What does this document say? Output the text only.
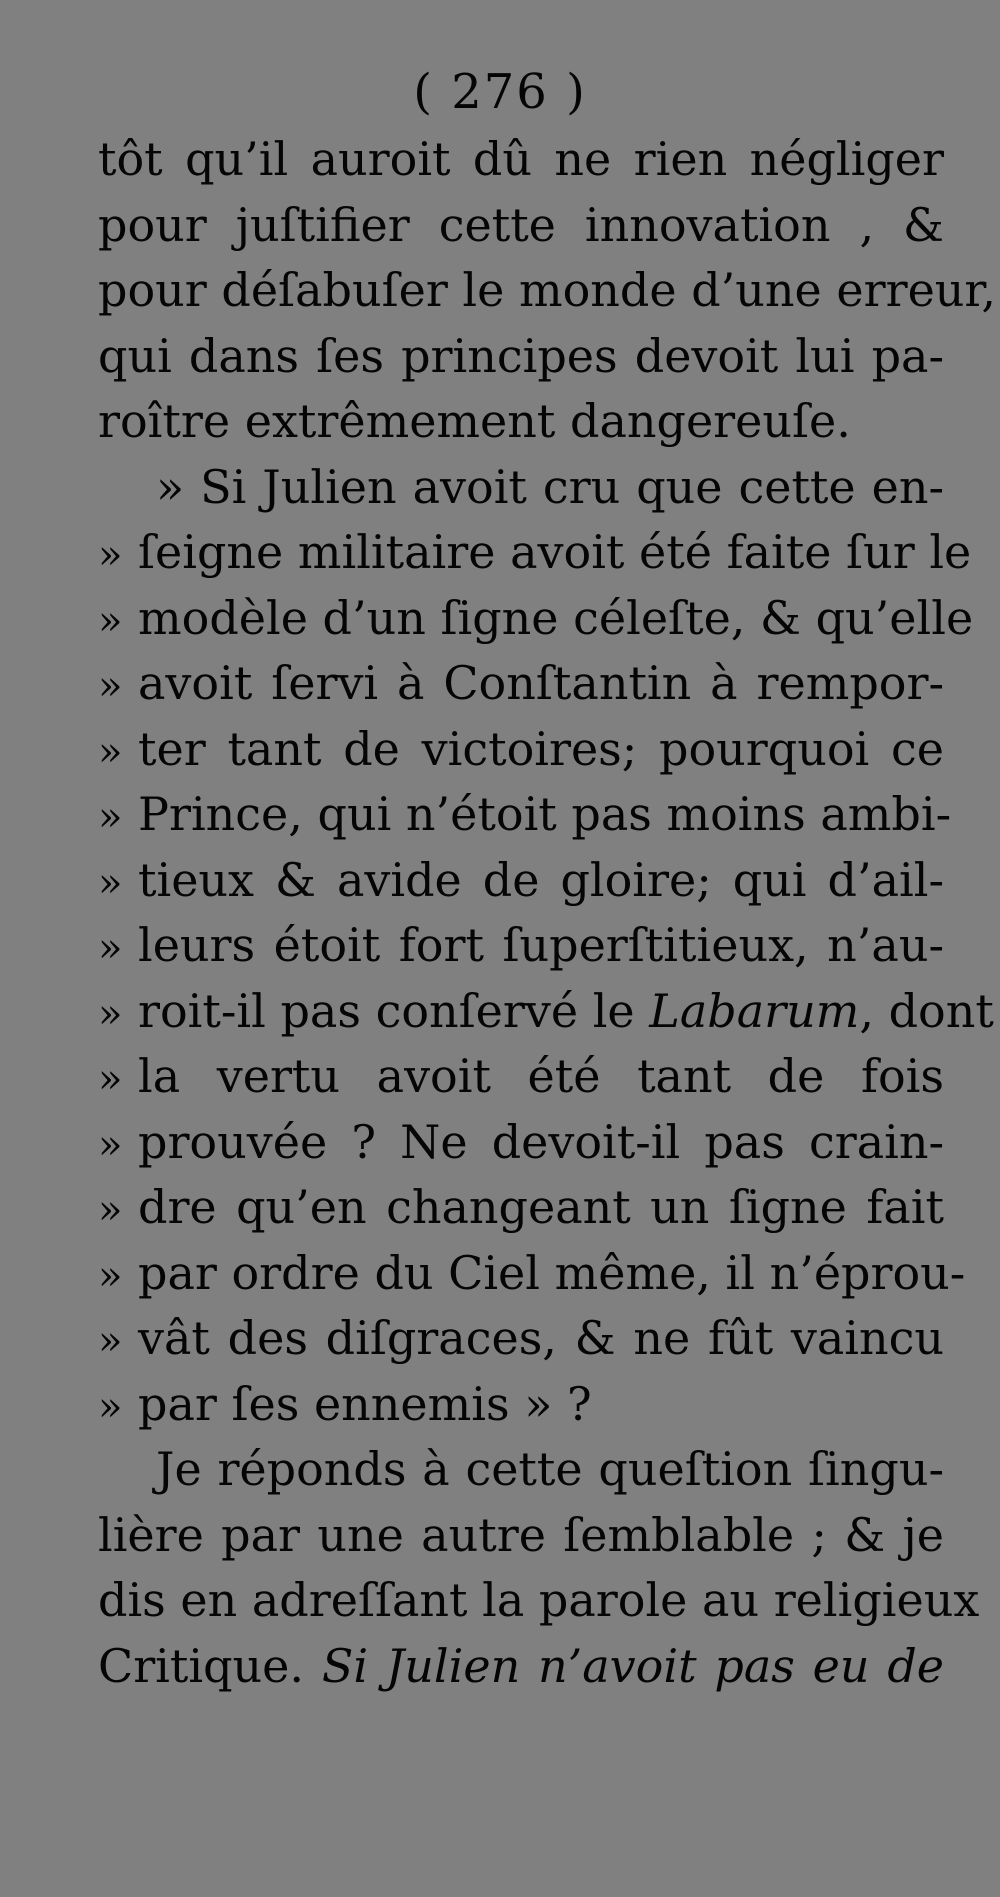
( 276 )
tôt qu’il auroit dû ne rien négliger
pour juſtifier cette innovation , &
pour déſabuſer le monde d’une erreur,
qui dans ſes principes devoit lui pa-
roître extrêmement dangereuſe.
» Si Julien avoit cru que cette en-
» ſeigne militaire avoit été faite ſur le
» modèle d’un ſigne céleſte, & qu’elle
» avoit ſervi à Conſtantin à rempor-
» ter tant de victoires; pourquoi ce
» Prince, qui n’étoit pas moins ambi-
» tieux & avide de gloire; qui d’ail-
» leurs étoit fort ſuperſtitieux, n’au-
» roit-il pas conſervé le Labarum, dont
» la vertu avoit été tant de fois
» prouvée ? Ne devoit-il pas crain-
» dre qu’en changeant un ſigne fait
» par ordre du Ciel même, il n’éprou-
» vât des diſgraces, & ne fût vaincu
» par ſes ennemis » ?
Je réponds à cette queſtion ſingu-
lière par une autre ſemblable ; & je
dis en adreſſant la parole au religieux
Critique. Si Julien n’avoit pas eu de
